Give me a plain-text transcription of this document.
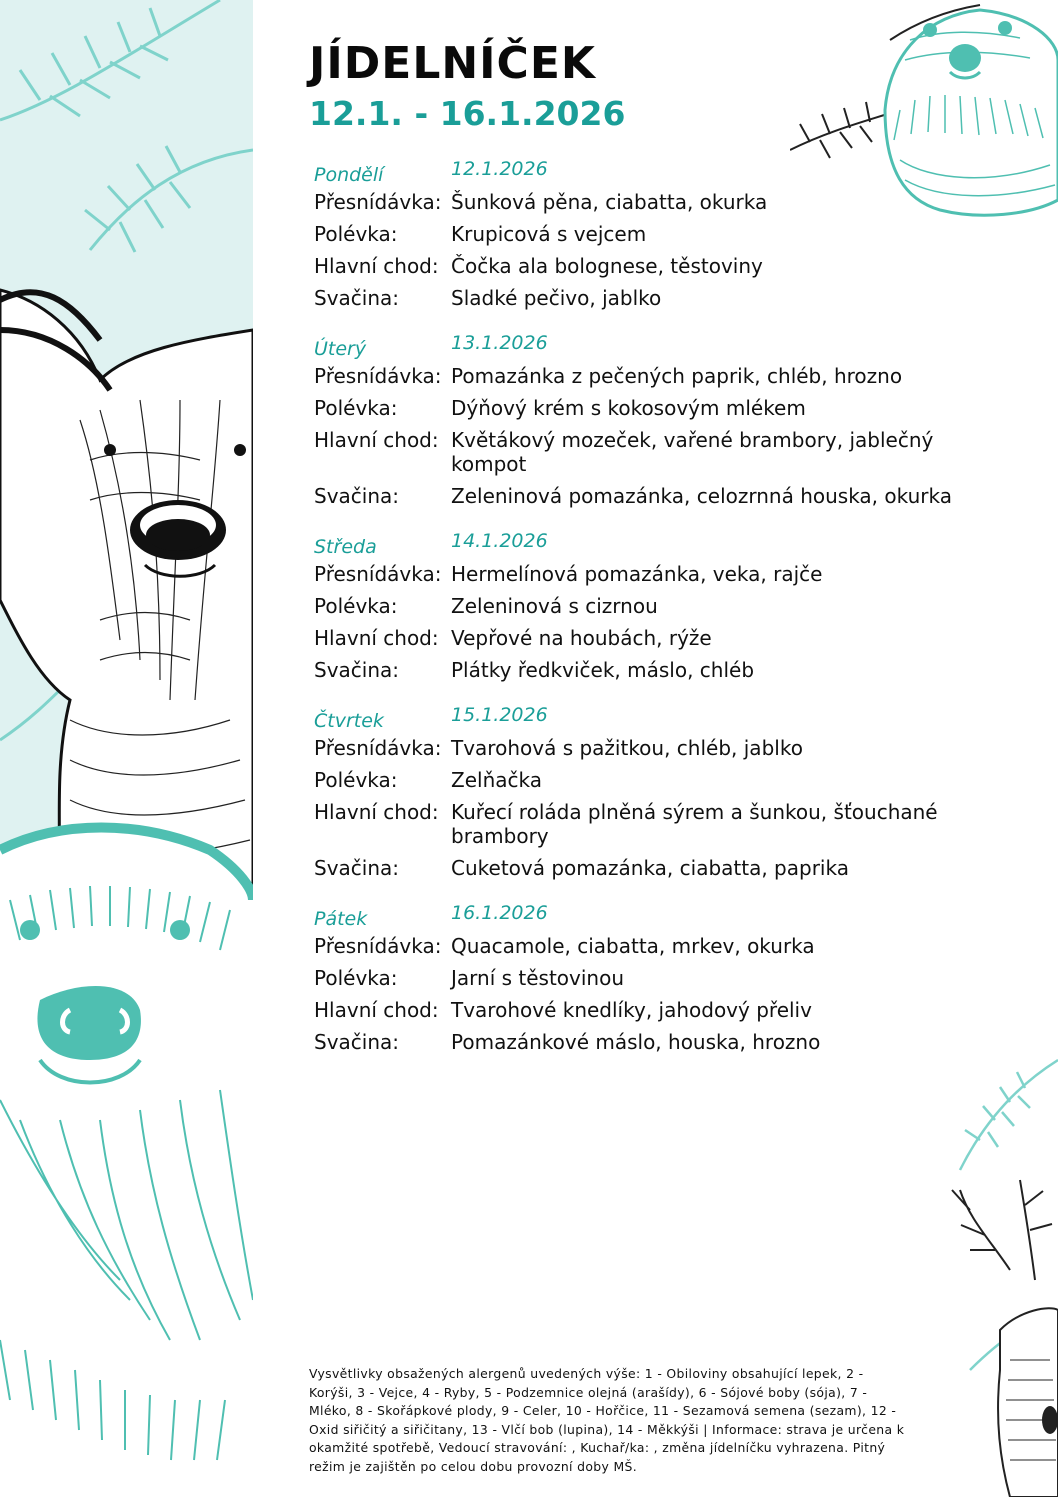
JÍDELNÍČEK
12.1. - 16.1.2026
Pondělí	12.1.2026
Přesnídávka: Šunková pěna, ciabatta, okurka
Polévka:	Krupicová s vejcem
Hlavní chod: Čočka ala bolognese, těstoviny
Svačina:	Sladké pečivo, jablko
Úterý	13.1.2026
Přesnídávka: Pomazánka z pečených paprik, chléb, hrozno
Polévka:	Dýňový krém s kokosovým mlékem
Hlavní chod: Květákový mozeček, vařené brambory, jablečný kompot
Svačina:	Zeleninová pomazánka, celozrnná houska, okurka
Středa	14.1.2026
Přesnídávka: Hermelínová pomazánka, veka, rajče
Polévka:	Zeleninová s cizrnou
Hlavní chod: Vepřové na houbách, rýže
Svačina:	Plátky ředkviček, máslo, chléb
Čtvrtek	15.1.2026
Přesnídávka: Tvarohová s pažitkou, chléb, jablko
Polévka:	Zelňačka
Hlavní chod: Kuřecí roláda plněná sýrem a šunkou, šťouchané brambory
Svačina:	Cuketová pomazánka, ciabatta, paprika
Pátek	16.1.2026
Přesnídávka: Quacamole, ciabatta, mrkev, okurka
Polévka:	Jarní s těstovinou
Hlavní chod: Tvarohové knedlíky, jahodový přeliv
Svačina:	Pomazánkové máslo, houska, hrozno

Vysvětlivky obsažených alergenů uvedených výše: 1 - Obiloviny obsahující lepek, 2 - Korýši, 3 - Vejce, 4 - Ryby, 5 - Podzemnice olejná (arašídy), 6 - Sójové boby (sója), 7 - Mléko, 8 - Skořápkové plody, 9 - Celer, 10 - Hořčice, 11 - Sezamová semena (sezam), 12 - Oxid siřičitý a siřičitany, 13 - Vlčí bob (lupina), 14 - Měkkýši | Informace: strava je určena k okamžité spotřebě, Vedoucí stravování: , Kuchař/ka: , změna jídelníčku vyhrazena. Pitný režim je zajištěn po celou dobu provozní doby MŠ.
